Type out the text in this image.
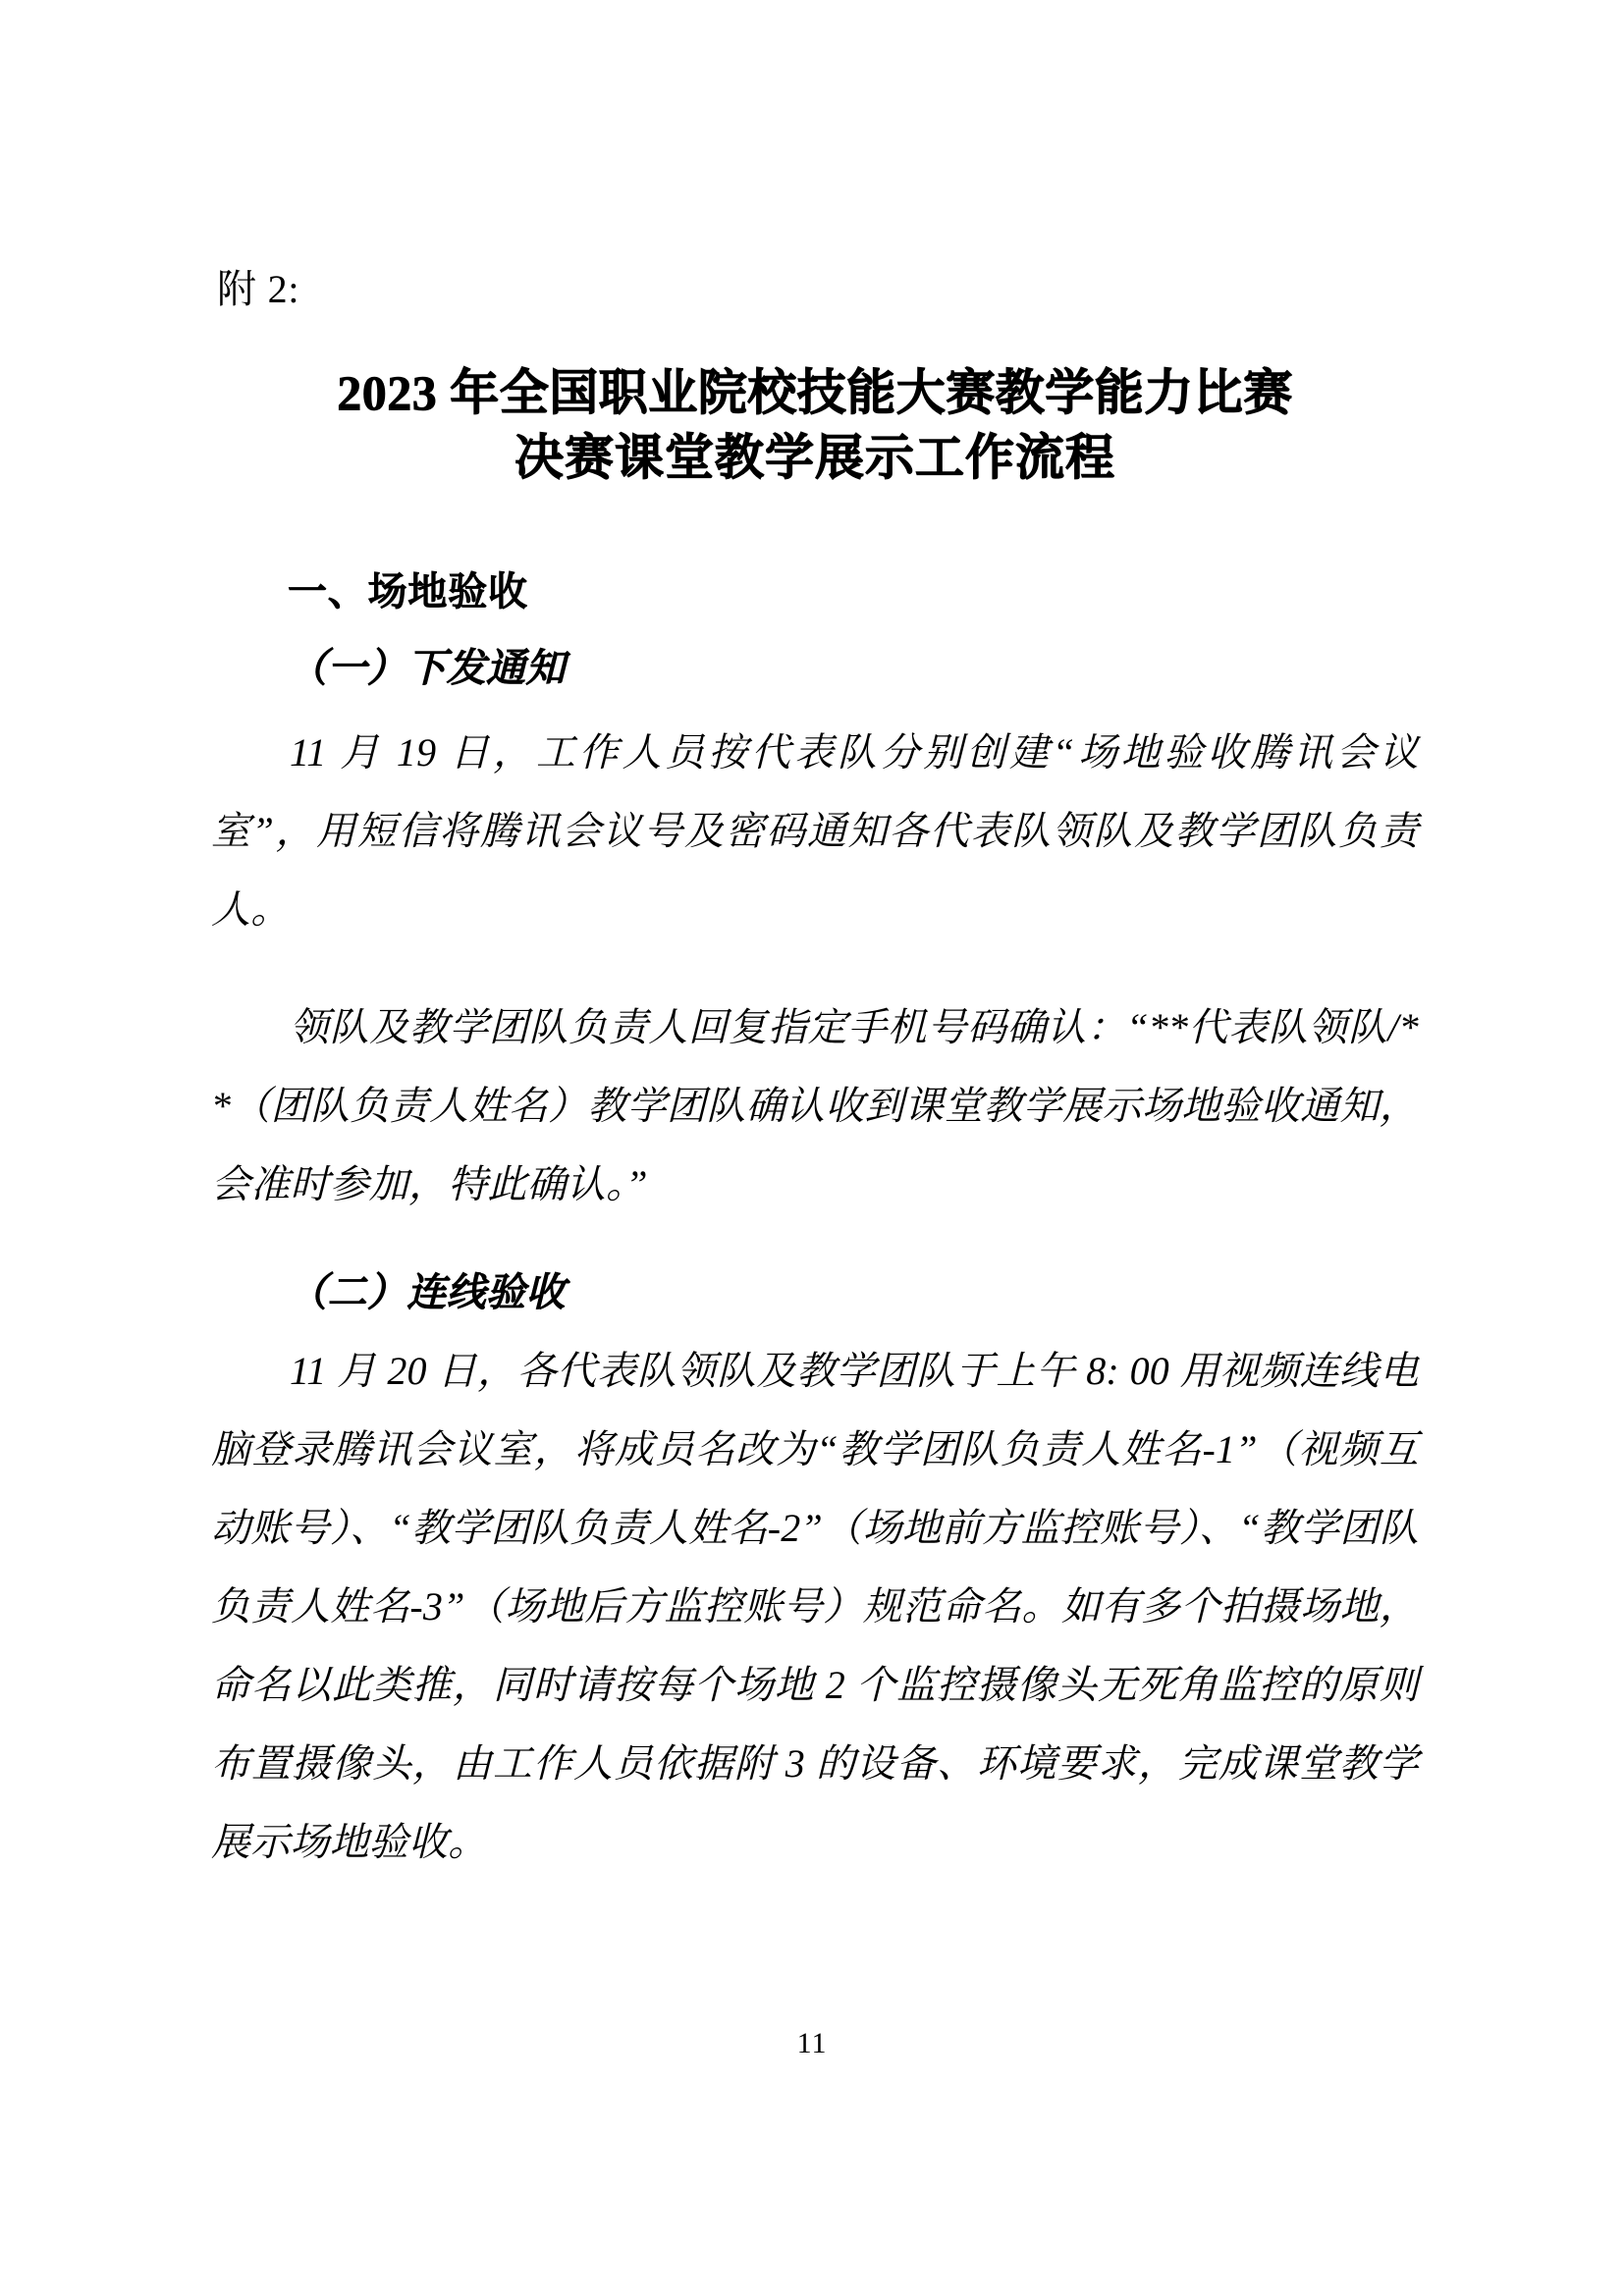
附 2:
2023 年全国职业院校技能大赛教学能力比赛
决赛课堂教学展示工作流程
一、场地验收
（一）下发通知

11 月 19 日，工作人员按代表队分别创建“场地验收腾讯会议室”，用短信将腾讯会议号及密码通知各代表队领队及教学团队负责人。

领队及教学团队负责人回复指定手机号码确认：“**代表队领队/**（团队负责人姓名）教学团队确认收到课堂教学展示场地验收通知，会准时参加，特此确认。”

（二）连线验收

11 月 20 日，各代表队领队及教学团队于上午 8: 00 用视频连线电脑登录腾讯会议室，将成员名改为“教学团队负责人姓名-1”（视频互动账号）、“教学团队负责人姓名-2”（场地前方监控账号）、“教学团队负责人姓名-3”（场地后方监控账号）规范命名。如有多个拍摄场地，命名以此类推，同时请按每个场地 2 个监控摄像头无死角监控的原则布置摄像头，由工作人员依据附 3 的设备、环境要求，完成课堂教学展示场地验收。

11
